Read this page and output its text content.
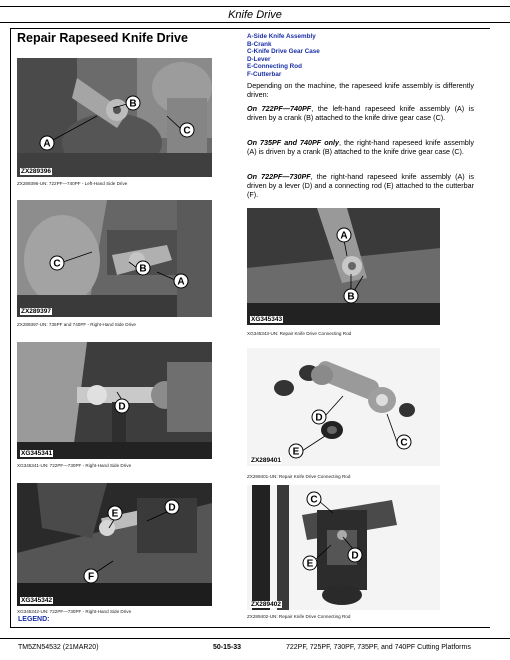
Knife Drive
Repair Rapeseed Knife Drive	A-Side Knife Assembly
B-Crank
C-Knife Drive Gear Case
D-Lever
E-Connecting Rod
F-Cutterbar
Depending on the machine, the rapeseed knife assembly is differently driven:
On 722PF—740PF, the left-hand rapeseed knife assembly (A) is driven by a crank (B) attached to the knife drive gear case (C).
On 735PF and 740PF only, the right-hand rapeseed knife assembly (A) is driven by a crank (B) attached to the knife drive gear case (C).
On 722PF—730PF, the right-hand rapeseed knife assembly (A) is driven by a lever (D) and a connecting rod (E) attached to the cutterbar (F).
A
B
C
ZX289396
ZX289396-UN: 722PF—740PF - Left-Hand Side Drive
C	B
A
ZX289397
ZX289397-UN: 735PF and 740PF - Right-Hand Side Drive
D
XG345341
XG345341-UN: 722PF—730PF - Right-Hand Side Drive
E
D
F
XG345342
XG345342-UN: 722PF—730PF - Right-Hand Side Drive
A
B
XG345343
XG345343-UN: Repair Knife Drive Connecting Rod
D
C
E
ZX289401
ZX289401-UN: Repair Knife Drive Connecting Rod
C
D
E
ZX289402
ZX289402-UN: Repair Knife Drive Connecting Rod
LEGEND:
TM5ZN54532 (21MAR20)	50-15-33	722PF, 725PF, 730PF, 735PF, and 740PF Cutting Platforms
